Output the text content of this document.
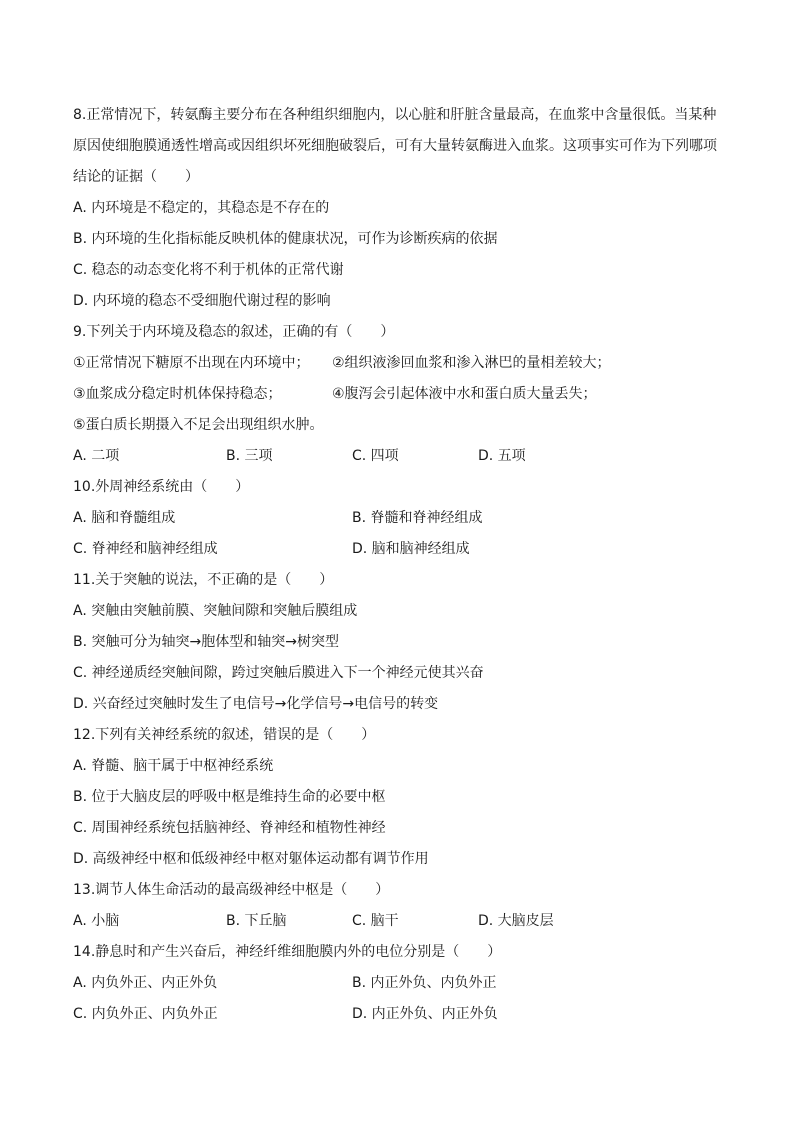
8.正常情况下，转氨酶主要分布在各种组织细胞内，以心脏和肝脏含量最高，在血浆中含量很低。当某种
原因使细胞膜通透性增高或因组织坏死细胞破裂后，可有大量转氨酶进入血浆。这项事实可作为下列哪项
结论的证据（　　）
A. 内环境是不稳定的，其稳态是不存在的
B. 内环境的生化指标能反映机体的健康状况，可作为诊断疾病的依据
C. 稳态的动态变化将不利于机体的正常代谢
D. 内环境的稳态不受细胞代谢过程的影响
9.下列关于内环境及稳态的叙述，正确的有（　　）
①正常情况下糖原不出现在内环境中； ②组织液渗回血浆和渗入淋巴的量相差较大；
③血浆成分稳定时机体保持稳态；	④腹泻会引起体液中水和蛋白质大量丢失；
⑤蛋白质长期摄入不足会出现组织水肿。
A. 二项	B. 三项	C. 四项	D. 五项
10.外周神经系统由（　　）
A. 脑和脊髓组成	B. 脊髓和脊神经组成
C. 脊神经和脑神经组成	D. 脑和脑神经组成
11.关于突触的说法，不正确的是（　　）
A. 突触由突触前膜、突触间隙和突触后膜组成
B. 突触可分为轴突→胞体型和轴突→树突型
C. 神经递质经突触间隙，跨过突触后膜进入下一个神经元使其兴奋
D. 兴奋经过突触时发生了电信号→化学信号→电信号的转变
12.下列有关神经系统的叙述，错误的是（　　）
A. 脊髓、脑干属于中枢神经系统
B. 位于大脑皮层的呼吸中枢是维持生命的必要中枢
C. 周围神经系统包括脑神经、脊神经和植物性神经
D. 高级神经中枢和低级神经中枢对躯体运动都有调节作用
13.调节人体生命活动的最高级神经中枢是（　　）
A. 小脑	B. 下丘脑	C. 脑干	D. 大脑皮层
14.静息时和产生兴奋后，神经纤维细胞膜内外的电位分别是（　　）
A. 内负外正、内正外负	B. 内正外负、内负外正
C. 内负外正、内负外正	D. 内正外负、内正外负
